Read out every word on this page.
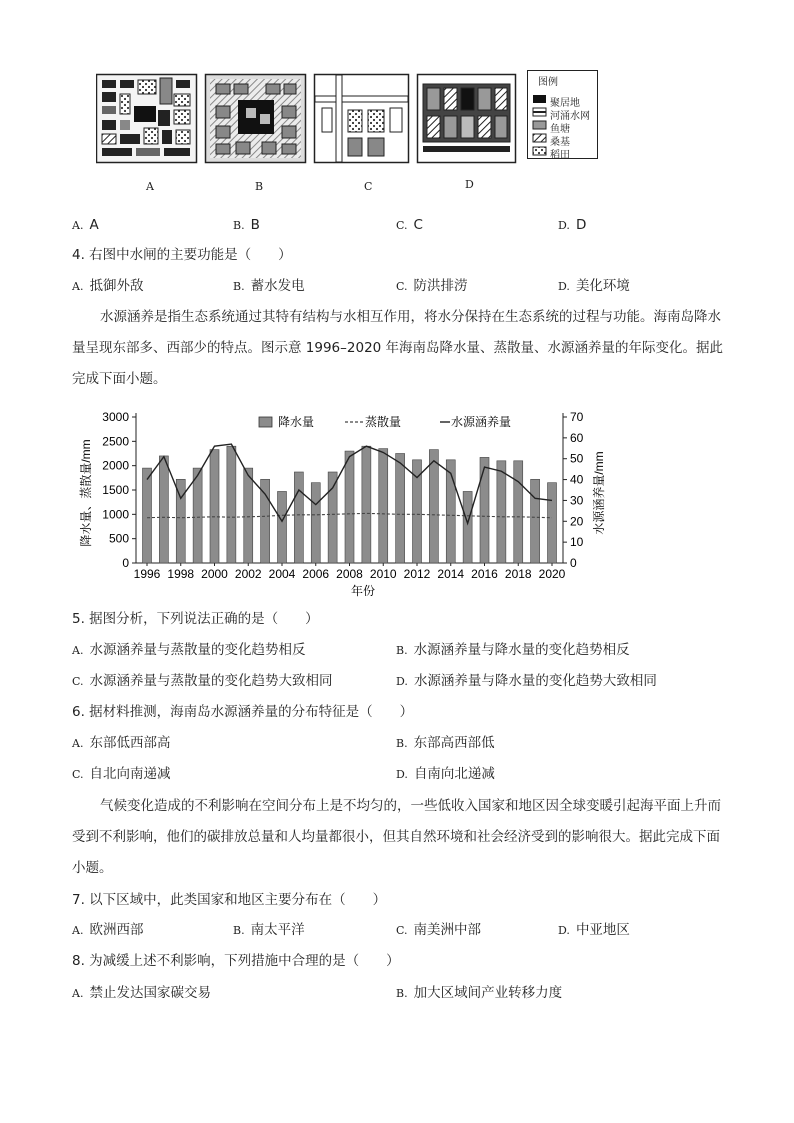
图例
聚居地
河涌水网
鱼塘
桑基
稻田
A	B	C	D
A. A	B. B	C. C	D. D
4. 右图中水闸的主要功能是（　　）
A. 抵御外敌	B. 蓄水发电	C. 防洪排涝	D. 美化环境
水源涵养是指生态系统通过其特有结构与水相互作用，将水分保持在生态系统的过程与功能。海南岛降水量呈现东部多、西部少的特点。图示意 1996–2020 年海南岛降水量、蒸散量、水源涵养量的年际变化。据此完成下面小题。
0
500
1000
1500
2000
2500
3000
0
10
20
30
40
50
60
70
1996 1998 2000 2002 2004 2006 2008 2010 2012 2014 2016 2018 2020
降水量	蒸散量	水源涵养量
年份
降水量、蒸散量/mm	水源涵养量/mm
5. 据图分析，下列说法正确的是（　　）
A. 水源涵养量与蒸散量的变化趋势相反	B. 水源涵养量与降水量的变化趋势相反
C. 水源涵养量与蒸散量的变化趋势大致相同	D. 水源涵养量与降水量的变化趋势大致相同
6. 据材料推测，海南岛水源涵养量的分布特征是（　　）
A. 东部低西部高	B. 东部高西部低
C. 自北向南递减	D. 自南向北递减
气候变化造成的不利影响在空间分布上是不均匀的，一些低收入国家和地区因全球变暖引起海平面上升而受到不利影响，他们的碳排放总量和人均量都很小，但其自然环境和社会经济受到的影响很大。据此完成下面小题。
7. 以下区域中，此类国家和地区主要分布在（　　）
A. 欧洲西部	B. 南太平洋	C. 南美洲中部	D. 中亚地区
8. 为减缓上述不利影响，下列措施中合理的是（　　）
A. 禁止发达国家碳交易	B. 加大区域间产业转移力度
